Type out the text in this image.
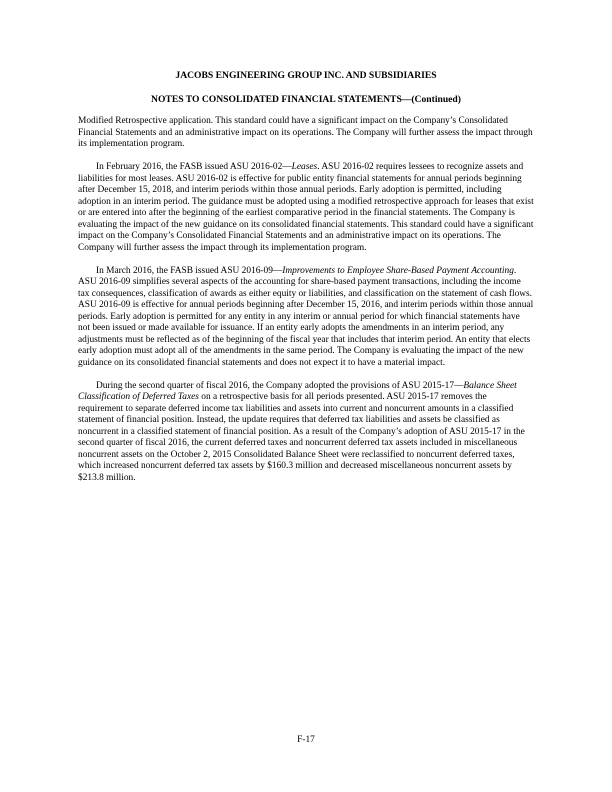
JACOBS ENGINEERING GROUP INC. AND SUBSIDIARIES

NOTES TO CONSOLIDATED FINANCIAL STATEMENTS—(Continued)

Modified Retrospective application. This standard could have a significant impact on the Company’s Consolidated Financial Statements and an administrative impact on its operations. The Company will further assess the impact through its implementation program.

In February 2016, the FASB issued ASU 2016-02—Leases. ASU 2016-02 requires lessees to recognize assets and liabilities for most leases. ASU 2016-02 is effective for public entity financial statements for annual periods beginning after December 15, 2018, and interim periods within those annual periods. Early adoption is permitted, including adoption in an interim period. The guidance must be adopted using a modified retrospective approach for leases that exist or are entered into after the beginning of the earliest comparative period in the financial statements. The Company is evaluating the impact of the new guidance on its consolidated financial statements. This standard could have a significant impact on the Company’s Consolidated Financial Statements and an administrative impact on its operations. The Company will further assess the impact through its implementation program.

In March 2016, the FASB issued ASU 2016-09—Improvements to Employee Share-Based Payment Accounting. ASU 2016-09 simplifies several aspects of the accounting for share-based payment transactions, including the income tax consequences, classification of awards as either equity or liabilities, and classification on the statement of cash flows. ASU 2016-09 is effective for annual periods beginning after December 15, 2016, and interim periods within those annual periods. Early adoption is permitted for any entity in any interim or annual period for which financial statements have not been issued or made available for issuance. If an entity early adopts the amendments in an interim period, any adjustments must be reflected as of the beginning of the fiscal year that includes that interim period. An entity that elects early adoption must adopt all of the amendments in the same period. The Company is evaluating the impact of the new guidance on its consolidated financial statements and does not expect it to have a material impact.

During the second quarter of fiscal 2016, the Company adopted the provisions of ASU 2015-17—Balance Sheet Classification of Deferred Taxes on a retrospective basis for all periods presented. ASU 2015-17 removes the requirement to separate deferred income tax liabilities and assets into current and noncurrent amounts in a classified statement of financial position. Instead, the update requires that deferred tax liabilities and assets be classified as noncurrent in a classified statement of financial position. As a result of the Company’s adoption of ASU 2015-17 in the second quarter of fiscal 2016, the current deferred taxes and noncurrent deferred tax assets included in miscellaneous noncurrent assets on the October 2, 2015 Consolidated Balance Sheet were reclassified to noncurrent deferred taxes, which increased noncurrent deferred tax assets by $160.3 million and decreased miscellaneous noncurrent assets by $213.8 million.

F-17
